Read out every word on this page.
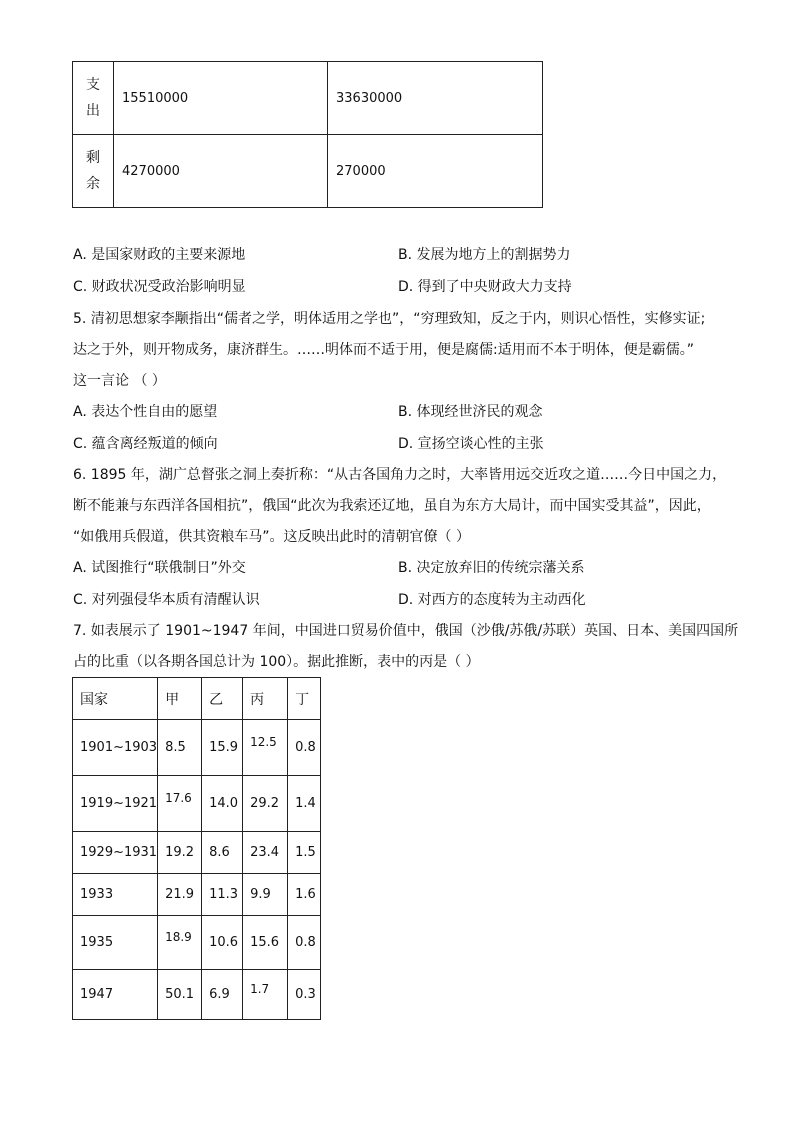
支
出	15510000	33630000

剩
余	4270000	270000
A. 是国家财政的主要来源地	B. 发展为地方上的割据势力
C. 财政状况受政治影响明显	D. 得到了中央财政大力支持
5. 清初思想家李颙指出“儒者之学，明体适用之学也”，“穷理致知，反之于内，则识心悟性，实修实证;
达之于外，则开物成务，康济群生。……明体而不适于用，便是腐儒:适用而不本于明体，便是霸儒。”
这一言论 （ ）
A. 表达个性自由的愿望	B. 体现经世济民的观念
C. 蕴含离经叛道的倾向	D. 宣扬空谈心性的主张
6. 1895 年，湖广总督张之洞上奏折称：“从古各国角力之时，大率皆用远交近攻之道……今日中国之力，
断不能兼与东西洋各国相抗”，俄国“此次为我索还辽地，虽自为东方大局计，而中国实受其益”，因此，
“如俄用兵假道，供其资粮车马”。这反映出此时的清朝官僚（ ）
A. 试图推行“联俄制日”外交	B. 决定放弃旧的传统宗藩关系
C. 对列强侵华本质有清醒认识	D. 对西方的态度转为主动西化
7. 如表展示了 1901~1947 年间，中国进口贸易价值中，俄国（沙俄/苏俄/苏联）英国、日本、美国四国所
占的比重（以各期各国总计为 100）。据此推断，表中的丙是（ ）
国家	甲	乙	丙	丁
1901~1903	8.5	15.9	12.5	0.8
1919~1921	17.6	14.0	29.2	1.4
1929~1931	19.2	8.6	23.4	1.5
1933	21.9	11.3	9.9	1.6
1935	18.9	10.6	15.6	0.8
1947	50.1	6.9	1.7	0.3
